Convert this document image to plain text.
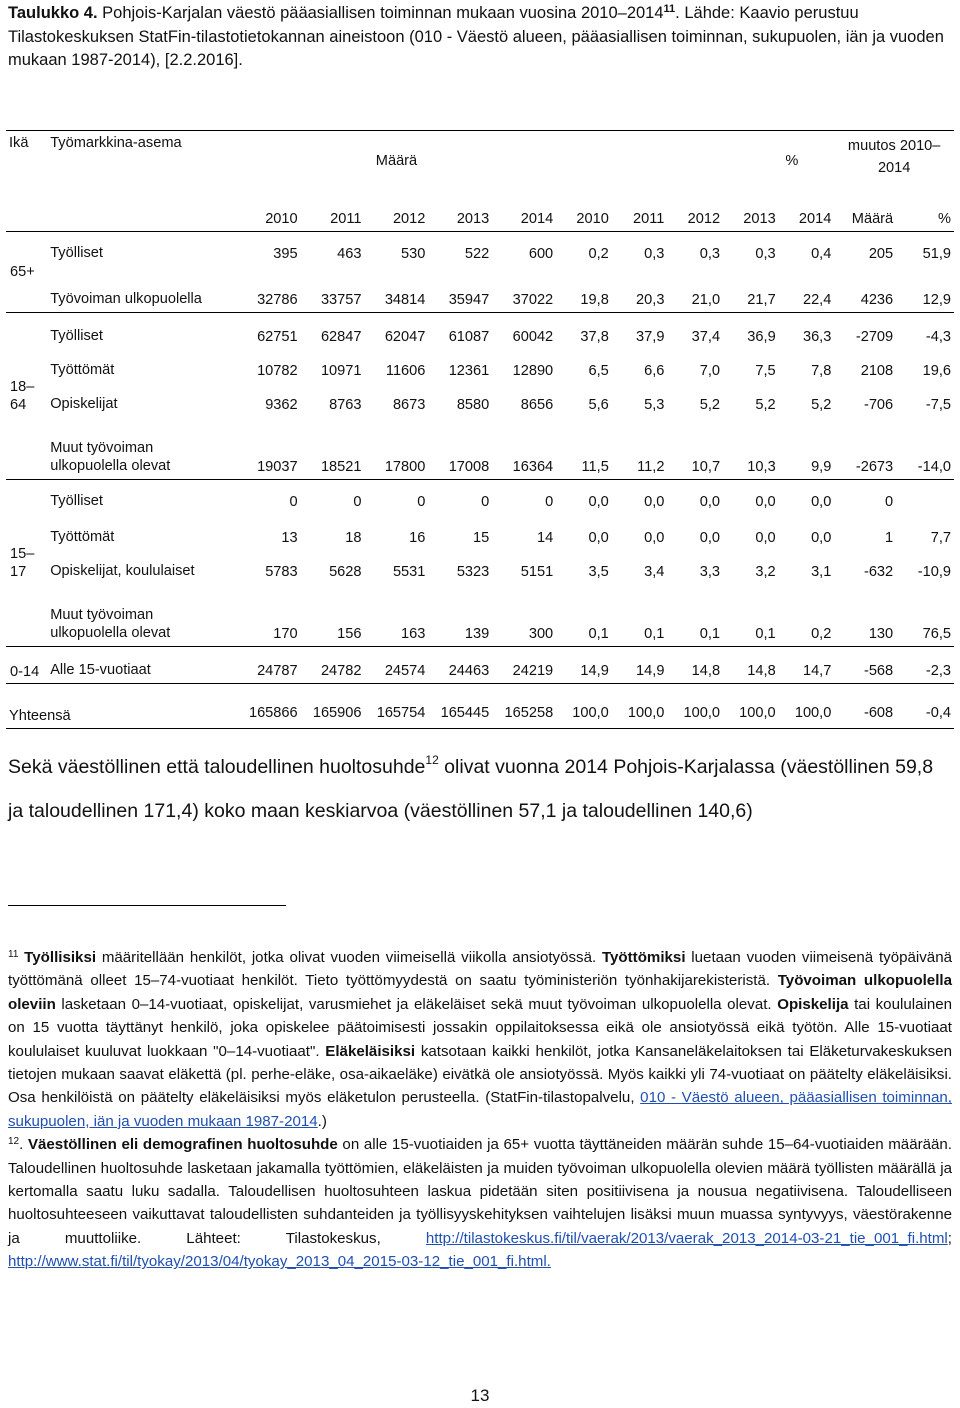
Taulukko 4. Pohjois-Karjalan väestö pääasiallisen toiminnan mukaan vuosina 2010–2014$^{11}$. Lähde: Kaavio perustuu Tilastokeskuksen StatFin-tilastotietokannan aineistoon (010 - Väestö alueen, pääasiallisen toiminnan, sukupuolen, iän ja vuoden mukaan 1987-2014), [2.2.2016].
Ikä	Työmarkkina-asema	Määrä					%					muutos 2010–2014	
		2010	2011	2012	2013	2014	2010	2011	2012	2013	2014	Määrä	%
65+	Työlliset	395	463	530	522	600	0,2	0,3	0,3	0,3	0,4	205	51,9
	Työvoiman ulkopuolella	32786	33757	34814	35947	37022	19,8	20,3	21,0	21,7	22,4	4236	12,9
18–64	Työlliset	62751	62847	62047	61087	60042	37,8	37,9	37,4	36,9	36,3	-2709	-4,3
	Työttömät	10782	10971	11606	12361	12890	6,5	6,6	7,0	7,5	7,8	2108	19,6
	Opiskelijat	9362	8763	8673	8580	8656	5,6	5,3	5,2	5,2	5,2	-706	-7,5
	Muut työvoiman ulkopuolella olevat	19037	18521	17800	17008	16364	11,5	11,2	10,7	10,3	9,9	-2673	-14,0
15–17	Työlliset	0	0	0	0	0	0,0	0,0	0,0	0,0	0,0	0	
	Työttömät	13	18	16	15	14	0,0	0,0	0,0	0,0	0,0	1	7,7
	Opiskelijat, koululaiset	5783	5628	5531	5323	5151	3,5	3,4	3,3	3,2	3,1	-632	-10,9
	Muut työvoiman ulkopuolella olevat	170	156	163	139	300	0,1	0,1	0,1	0,1	0,2	130	76,5
0-14	Alle 15-vuotiaat	24787	24782	24574	24463	24219	14,9	14,9	14,8	14,8	14,7	-568	-2,3
Yhteensä		165866	165906	165754	165445	165258	100,0	100,0	100,0	100,0	100,0	-608	-0,4
Sekä väestöllinen että taloudellinen huoltosuhde$^{12}$ olivat vuonna 2014 Pohjois-Karjalassa (väestöllinen 59,8 ja taloudellinen 171,4) koko maan keskiarvoa (väestöllinen 57,1 ja taloudellinen 140,6)

$^{11}$ Työllisiksi määritellään henkilöt, jotka olivat vuoden viimeisellä viikolla ansiotyössä. Työttömiksi luetaan vuoden viimeisenä työpäivänä työttömänä olleet 15–74-vuotiaat henkilöt. Tieto työttömyydestä on saatu työministeriön työnhakijarekisteristä. Työvoiman ulkopuolella oleviin lasketaan 0–14-vuotiaat, opiskelijat, varusmiehet ja eläkeläiset sekä muut työvoiman ulkopuolella olevat. Opiskelija tai koululainen on 15 vuotta täyttänyt henkilö, joka opiskelee päätoimisesti jossakin oppilaitoksessa eikä ole ansiotyössä eikä työtön. Alle 15-vuotiaat koululaiset kuuluvat luokkaan "0–14-vuotiaat". Eläkeläisiksi katsotaan kaikki henkilöt, jotka Kansaneläkelaitoksen tai Eläketurvakeskuksen tietojen mukaan saavat eläkettä (pl. perhe-eläke, osa-aikaeläke) eivätkä ole ansiotyössä. Myös kaikki yli 74-vuotiaat on päätelty eläkeläisiksi. Osa henkilöistä on päätelty eläkeläisiksi myös eläketulon perusteella. (StatFin-tilastopalvelu, 010 - Väestö alueen, pääasiallisen toiminnan, sukupuolen, iän ja vuoden mukaan 1987-2014.)

$^{12}$. Väestöllinen eli demografinen huoltosuhde on alle 15-vuotiaiden ja 65+ vuotta täyttäneiden määrän suhde 15–64-vuotiaiden määrään. Taloudellinen huoltosuhde lasketaan jakamalla työttömien, eläkeläisten ja muiden työvoiman ulkopuolella olevien määrä työllisten määrällä ja kertomalla saatu luku sadalla. Taloudellisen huoltosuhteen laskua pidetään siten positiivisena ja nousua negatiivisena. Taloudelliseen huoltosuhteeseen vaikuttavat taloudellisten suhdanteiden ja työllisyyskehityksen vaihtelujen lisäksi muun muassa syntyvyys, väestörakenne ja muuttoliike. Lähteet: Tilastokeskus, http://tilastokeskus.fi/til/vaerak/2013/vaerak_2013_2014-03-21_tie_001_fi.html; http://www.stat.fi/til/tyokay/2013/04/tyokay_2013_04_2015-03-12_tie_001_fi.html.

13
